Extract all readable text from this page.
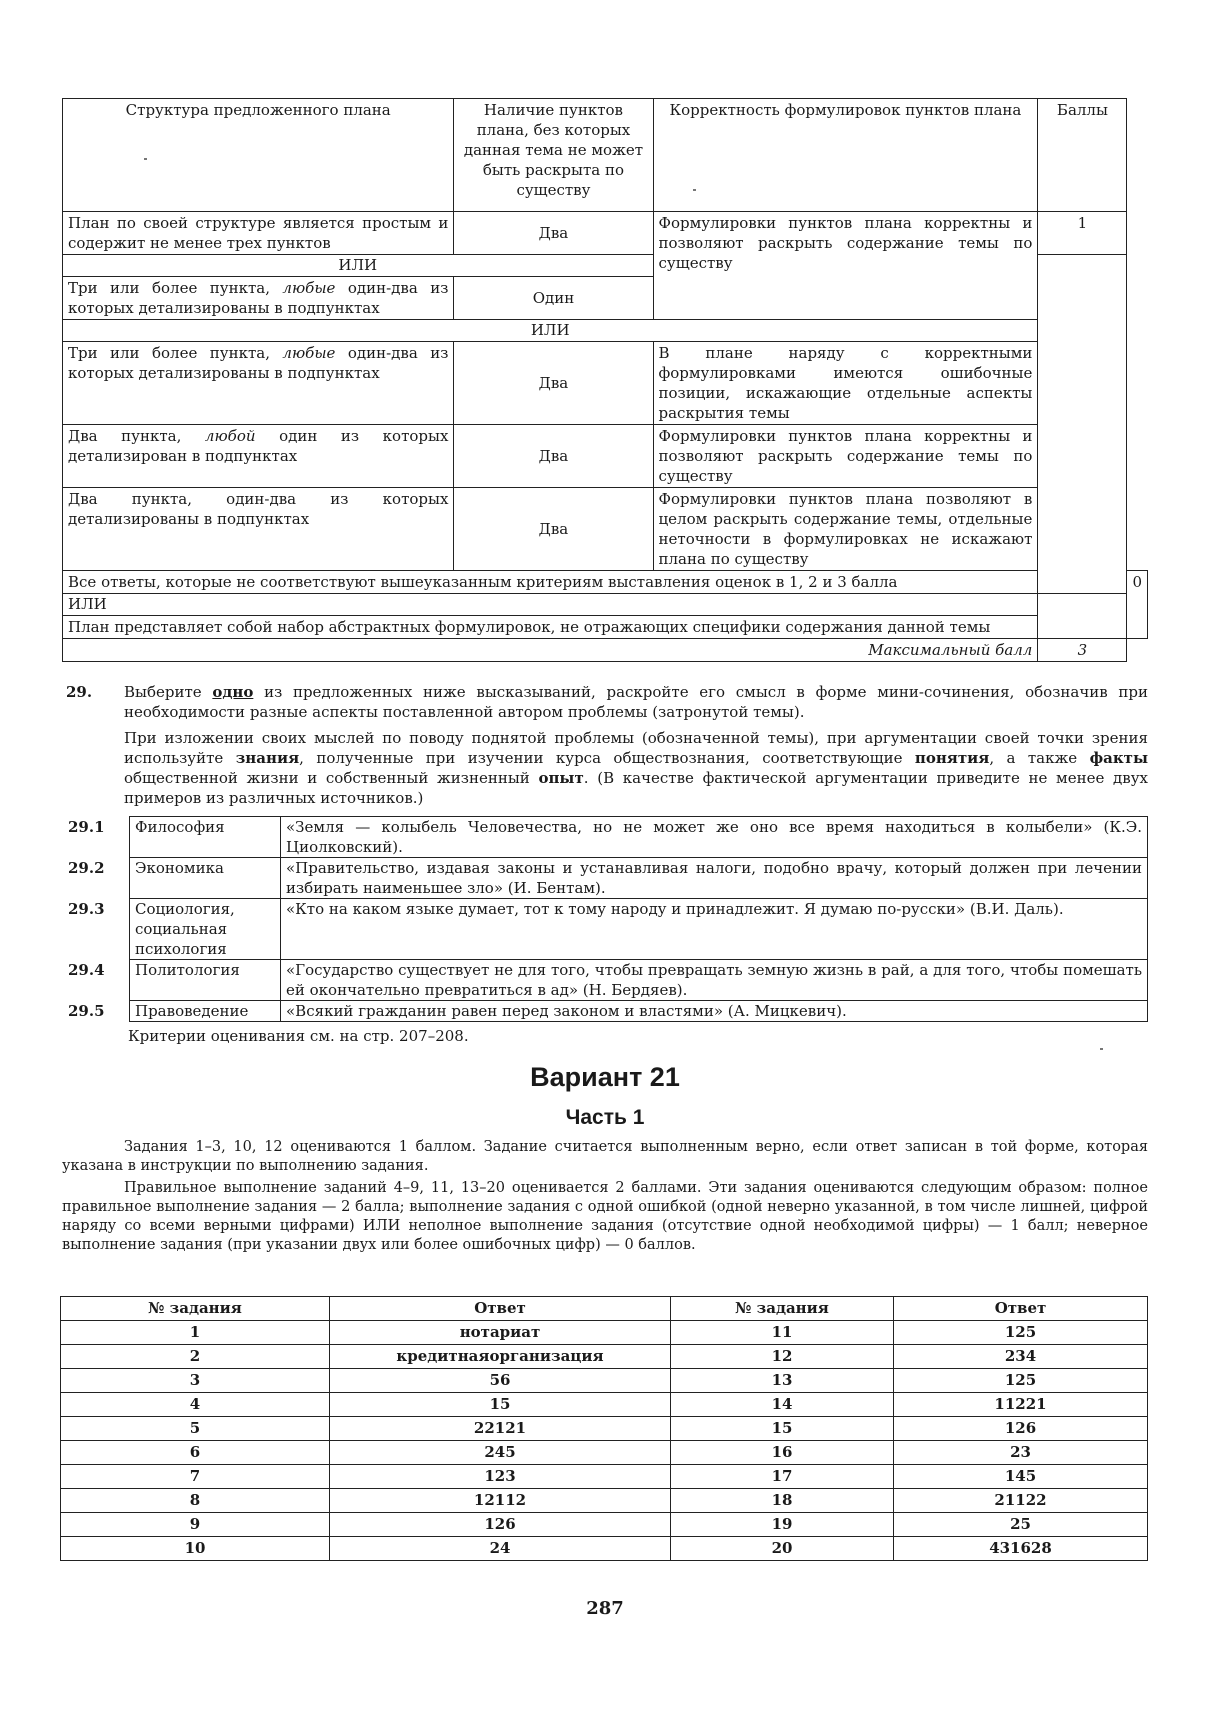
Структура предложенного плана	Наличие пунктов плана, без которых данная тема не может быть раскрыта по существу	Корректность формулировок пунктов плана	Баллы	
План по своей структуре является простым и содержит не менее трех пунктов	Два	Формулировки пунктов плана корректны и позволяют раскрыть содержание темы по существу	1	
ИЛИ				
Три или более пункта, любые один-два из которых детализированы в подпунктах	Один			
ИЛИ				
Три или более пункта, любые один-два из которых детализированы в подпунктах	Два	В плане наряду с корректными формулировками имеются ошибочные позиции, искажающие отдельные аспекты раскрытия темы		
Два пункта, любой один из которых детализирован в подпунктах	Два	Формулировки пунктов плана корректны и позволяют раскрыть содержание темы по существу		
Два пункта, один-два из которых детализированы в подпунктах	Два	Формулировки пунктов плана позволяют в целом раскрыть содержание темы, отдельные неточности в формулировках не искажают плана по существу		
Все ответы, которые не соответствуют вышеуказанным критериям выставления оценок в 1, 2 и 3 балла				0
ИЛИ				
План представляет собой набор абстрактных формулировок, не отражающих специфики содержания данной темы				
Максимальный балл			3	
29. Выберите одно из предложенных ниже высказываний, раскройте его смысл в форме мини-сочинения, обозначив при необходимости разные аспекты поставленной автором проблемы (затронутой темы).
При изложении своих мыслей по поводу поднятой проблемы (обозначенной темы), при аргументации своей точки зрения используйте знания, полученные при изучении курса обществознания, соответствующие понятия, а также факты общественной жизни и собственный жизненный опыт. (В качестве фактической аргументации приведите не менее двух примеров из различных источников.)
29.1	Философия	«Земля — колыбель Человечества, но не может же оно все время находиться в колыбели» (К.Э. Циолковский).
29.2	Экономика	«Правительство, издавая законы и устанавливая налоги, подобно врачу, который должен при лечении избирать наименьшее зло» (И. Бентам).
29.3	Социология, социальная психология	«Кто на каком языке думает, тот к тому народу и принадлежит. Я думаю по-русски» (В.И. Даль).
29.4	Политология	«Государство существует не для того, чтобы превращать земную жизнь в рай, а для того, чтобы помешать ей окончательно превратиться в ад» (Н. Бердяев).
29.5	Правоведение	«Всякий гражданин равен перед законом и властями» (А. Мицкевич).
Критерии оценивания см. на стр. 207–208.
Вариант 21
Часть 1

Задания 1–3, 10, 12 оцениваются 1 баллом. Задание считается выполненным верно, если ответ записан в той форме, которая указана в инструкции по выполнению задания.

Правильное выполнение заданий 4–9, 11, 13–20 оценивается 2 баллами. Эти задания оцениваются следующим образом: полное правильное выполнение задания — 2 балла; выполнение задания с одной ошибкой (одной неверно указанной, в том числе лишней, цифрой наряду со всеми верными цифрами) ИЛИ неполное выполнение задания (отсутствие одной необходимой цифры) — 1 балл; неверное выполнение задания (при указании двух или более ошибочных цифр) — 0 баллов.

№ задания	Ответ	№ задания	Ответ
1	нотариат	11	125
2	кредитнаяорганизация	12	234
3	56	13	125
4	15	14	11221
5	22121	15	126
6	245	16	23
7	123	17	145
8	12112	18	21122
9	126	19	25
10	24	20	431628
287
